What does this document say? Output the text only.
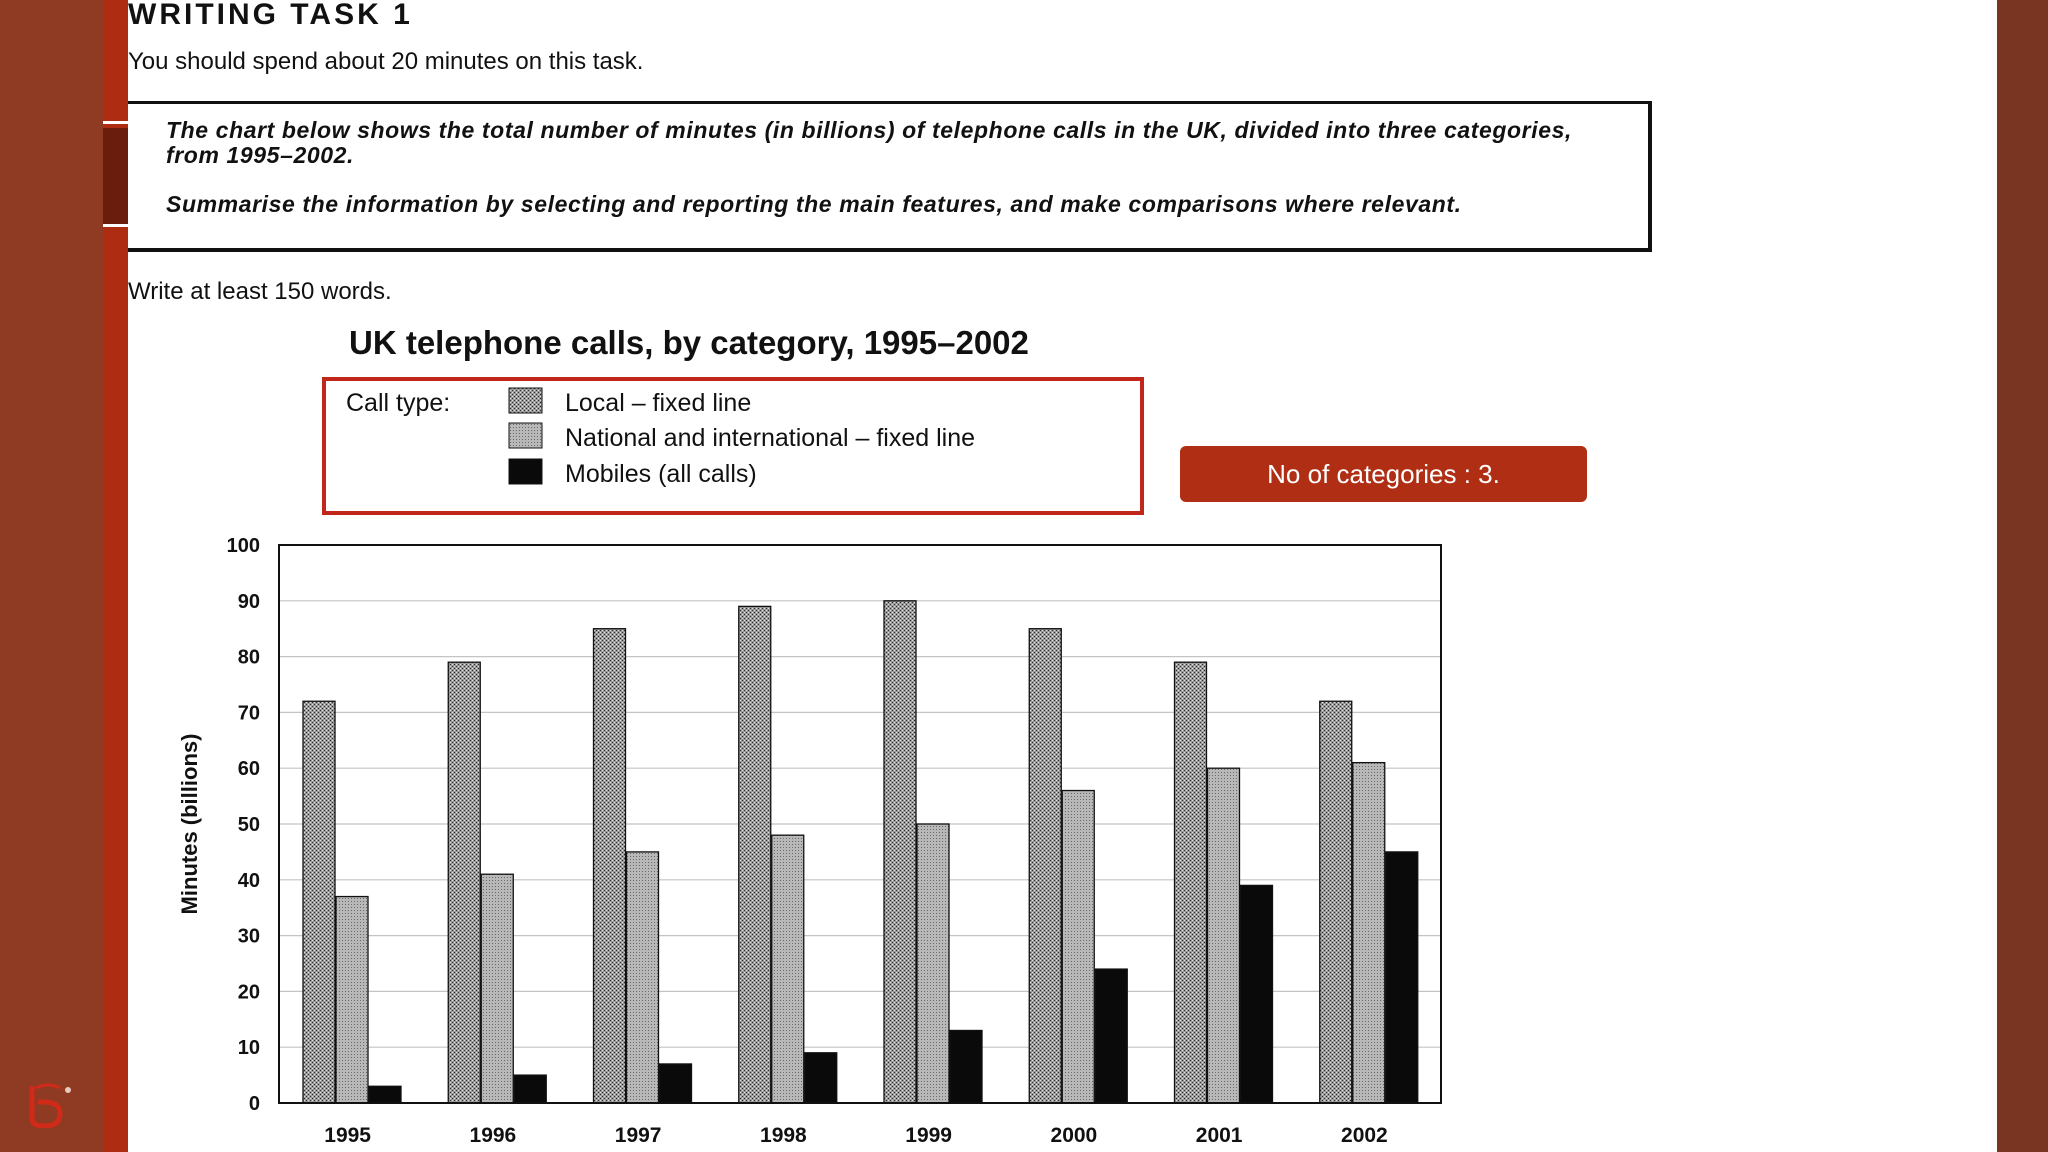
WRITING TASK 1
You should spend about 20 minutes on this task.
The chart below shows the total number of minutes (in billions) of telephone calls in the UK, divided into three categories, from 1995–2002.
Summarise the information by selecting and reporting the main features, and make comparisons where relevant.
Write at least 150 words.
UK telephone calls, by category, 1995–2002
Call type:	Local – fixed line
National and international – fixed line
Mobiles (all calls)
0
10
20
30
40
50
60
70
80
90
100
1995	1996	1997	1998	1999	2000	2001	2002
Minutes (billions)
No of categories : 3.
